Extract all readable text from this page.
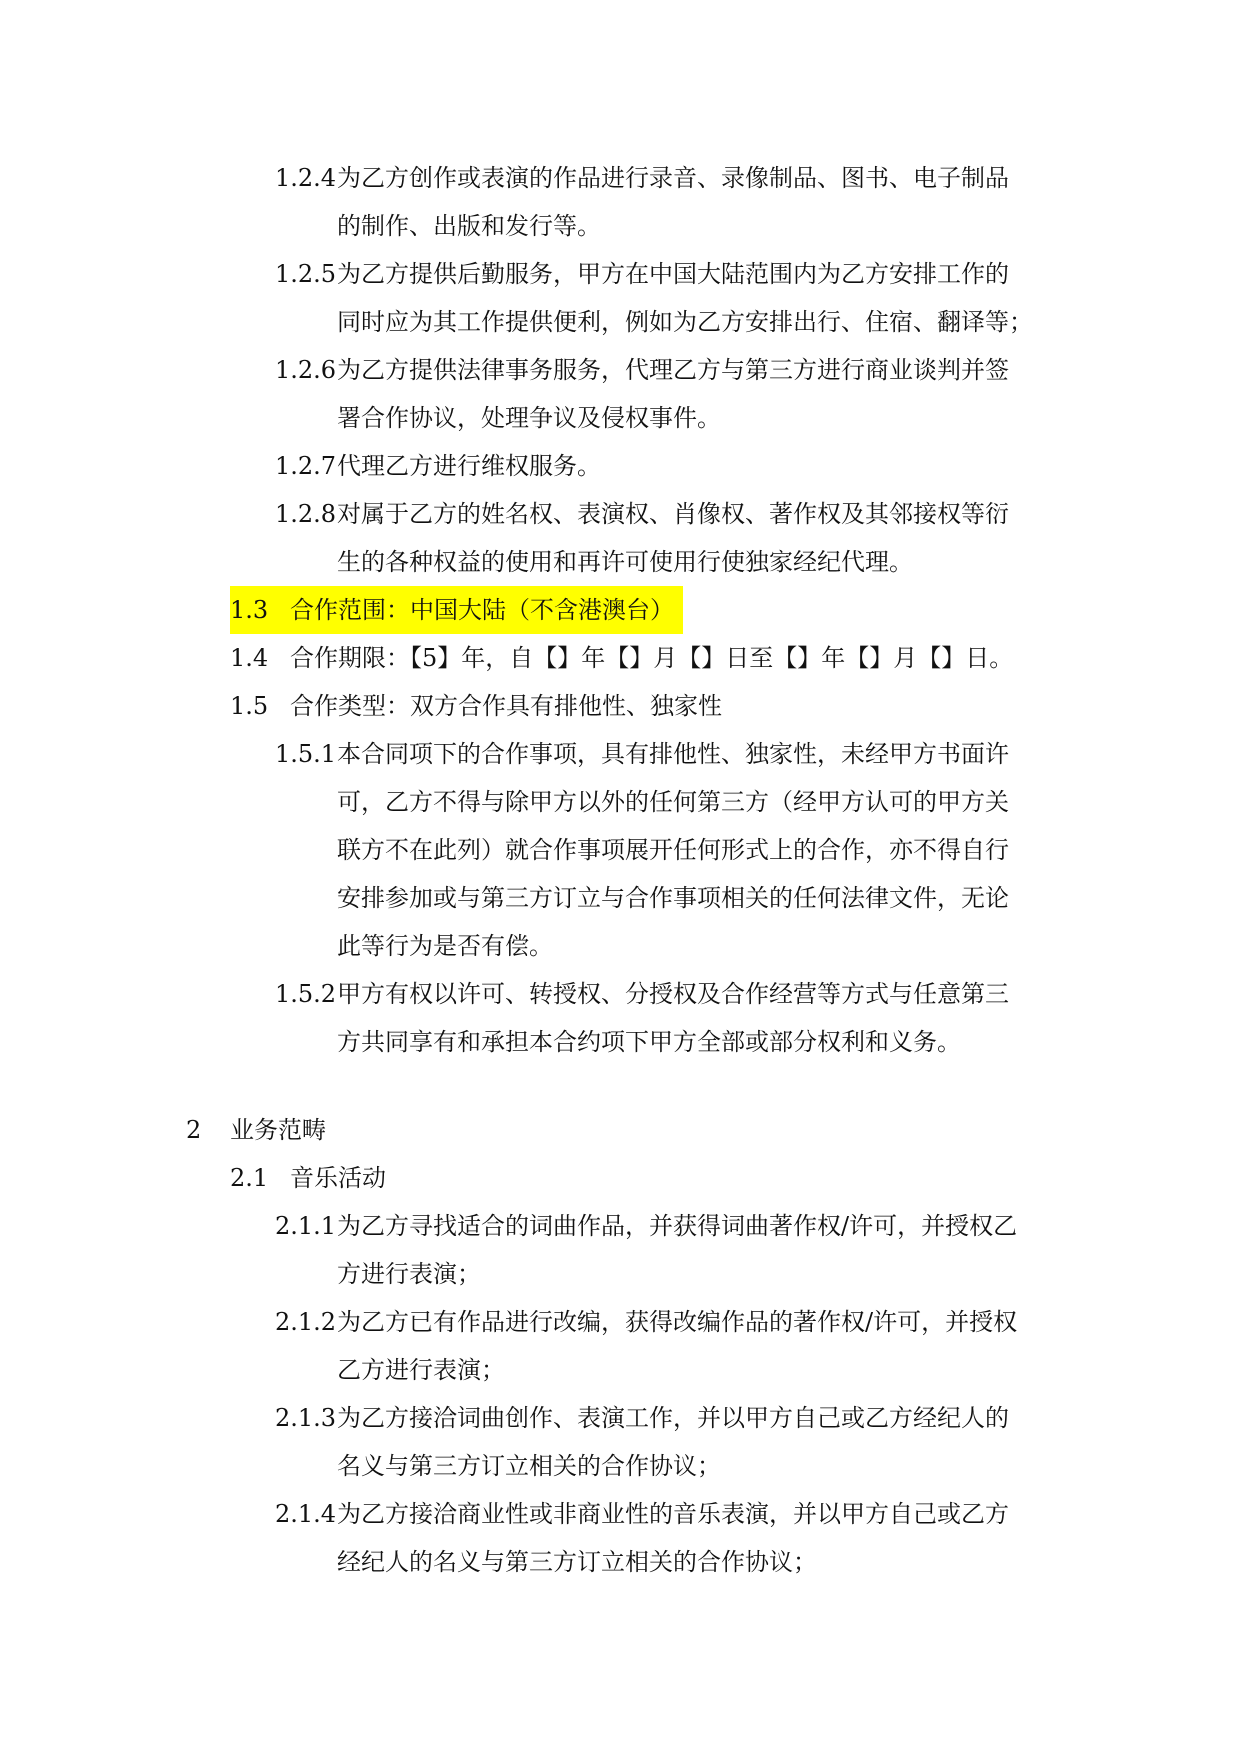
1.2.4 为乙方创作或表演的作品进行录音、录像制品、图书、电子制品
的制作、出版和发行等。
1.2.5 为乙方提供后勤服务，甲方在中国大陆范围内为乙方安排工作的
同时应为其工作提供便利，例如为乙方安排出行、住宿、翻译等；
1.2.6 为乙方提供法律事务服务，代理乙方与第三方进行商业谈判并签
署合作协议，处理争议及侵权事件。
1.2.7 代理乙方进行维权服务。
1.2.8 对属于乙方的姓名权、表演权、肖像权、著作权及其邻接权等衍
生的各种权益的使用和再许可使用行使独家经纪代理。
1.3 合作范围：中国大陆（不含港澳台）
1.4 合作期限：【5】年，自【】年【】月【】日至【】年【】月【】日。
1.5 合作类型：双方合作具有排他性、独家性
1.5.1 本合同项下的合作事项，具有排他性、独家性，未经甲方书面许
可，乙方不得与除甲方以外的任何第三方（经甲方认可的甲方关
联方不在此列）就合作事项展开任何形式上的合作，亦不得自行
安排参加或与第三方订立与合作事项相关的任何法律文件，无论
此等行为是否有偿。
1.5.2 甲方有权以许可、转授权、分授权及合作经营等方式与任意第三
方共同享有和承担本合约项下甲方全部或部分权利和义务。
2 业务范畴
2.1 音乐活动
2.1.1 为乙方寻找适合的词曲作品，并获得词曲著作权/许可，并授权乙
方进行表演；
2.1.2 为乙方已有作品进行改编，获得改编作品的著作权/许可，并授权
乙方进行表演；
2.1.3 为乙方接洽词曲创作、表演工作，并以甲方自己或乙方经纪人的
名义与第三方订立相关的合作协议；
2.1.4 为乙方接洽商业性或非商业性的音乐表演，并以甲方自己或乙方
经纪人的名义与第三方订立相关的合作协议；
